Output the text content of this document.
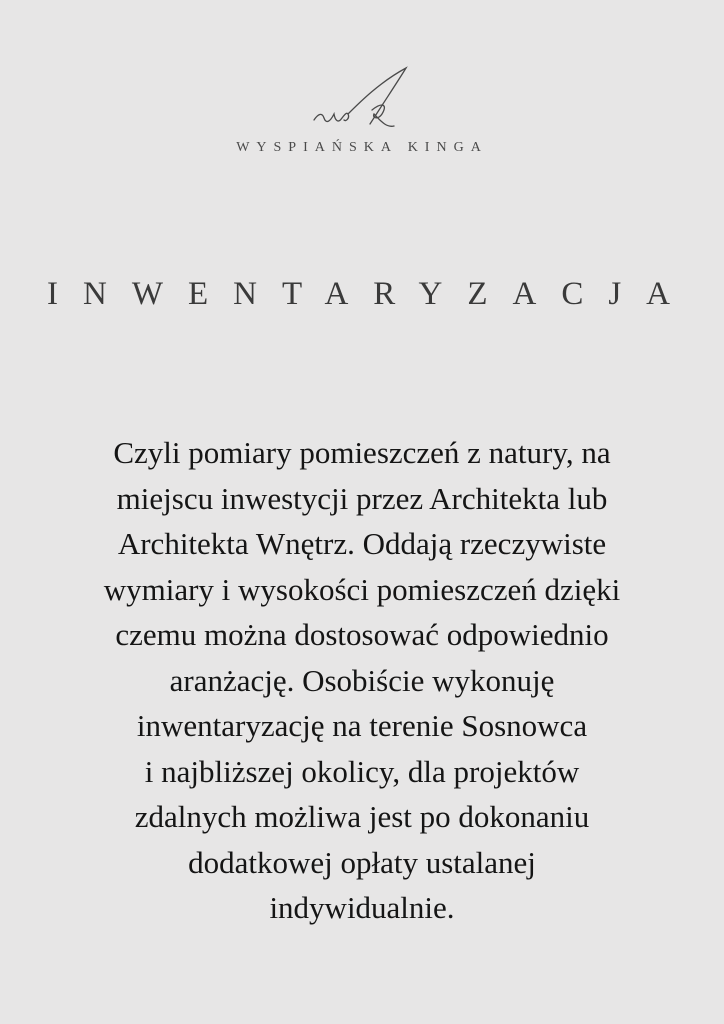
WYSPIAŃSKA KINGA
INWENTARYZACJA
Czyli pomiary pomieszczeń z natury, na
miejscu inwestycji przez Architekta lub
Architekta Wnętrz. Oddają rzeczywiste
wymiary i wysokości pomieszczeń dzięki
czemu można dostosować odpowiednio
aranżację. Osobiście wykonuję
inwentaryzację na terenie Sosnowca
i najbliższej okolicy, dla projektów
zdalnych możliwa jest po dokonaniu
dodatkowej opłaty ustalanej
indywidualnie.
